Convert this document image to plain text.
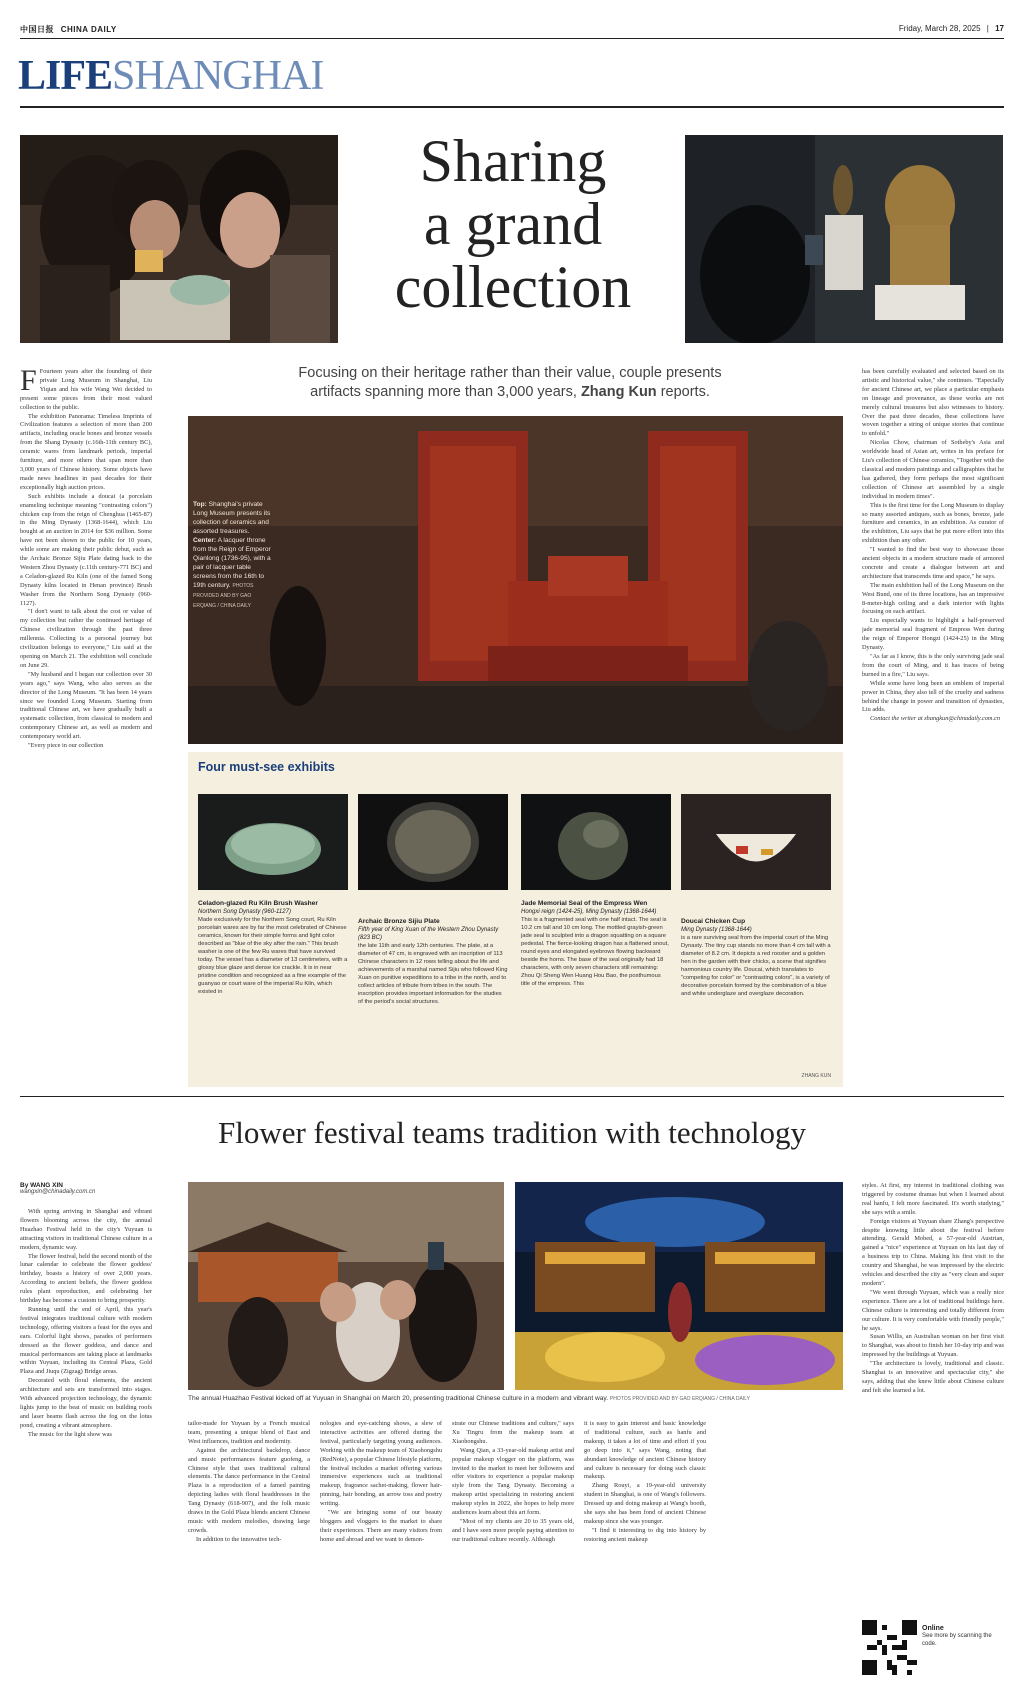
中国日报 CHINA DAILY	Friday, March 28, 2025 | 17
LIFESHANGHAI
Sharing
a grand
collection

F Fourteen years after the founding of their private Long Museum in Shanghai, Liu Yiqian and his wife Wang Wei decided to present some pieces from their most valued collection to the public.

The exhibition Panorama: Timeless Imprints of Civilization features a selection of more than 200 artifacts, including oracle bones and bronze vessels from the Shang Dynasty (c.16th-11th century BC), ceramic wares from landmark periods, imperial furniture, and more others that span more than 3,000 years of Chinese history. Some objects have made news headlines in past decades for their exceptionally high auction prices.

Such exhibits include a doucai (a porcelain enameling technique meaning "contrasting colors") chicken cup from the reign of Chenghua (1465-87) in the Ming Dynasty (1368-1644), which Liu bought at an auction in 2014 for $36 million. Some have not been shown to the public for 10 years, while some are making their public debut, such as the Archaic Bronze Sijiu Plate dating back to the Western Zhou Dynasty (c.11th century-771 BC) and a Celadon-glazed Ru Kiln (one of the famed Song Dynasty kilns located in Henan province) Brush Washer from the Northern Song Dynasty (960-1127).

"I don't want to talk about the cost or value of my collection but rather the continued heritage of Chinese civilization through the past three millennia. Collecting is a personal journey but civilization belongs to everyone," Liu said at the opening on March 21. The exhibition will conclude on June 29.

"My husband and I began our collection over 30 years ago," says Wang, who also serves as the director of the Long Museum. "It has been 14 years since we founded Long Museum. Starting from traditional Chinese art, we have gradually built a systematic collection, from classical to modern and contemporary Chinese art, as well as modern and contemporary world art.

"Every piece in our collection

Focusing on their heritage rather than their value, couple presents
artifacts spanning more than 3,000 years, Zhang Kun reports.
Top: Shanghai's private Long Museum presents its collection of ceramics and assorted treasures. Center: A lacquer throne from the Reign of Emperor Qianlong (1736-95), with a pair of lacquer table screens from the 16th to 19th century. PHOTOS PROVIDED AND BY GAO ERQIANG / CHINA DAILY

has been carefully evaluated and selected based on its artistic and historical value," she continues. "Especially for ancient Chinese art, we place a particular emphasis on lineage and provenance, as these works are not merely cultural treasures but also witnesses to history. Over the past three decades, these collections have woven together a string of unique stories that continue to unfold."

Nicolas Chow, chairman of Sotheby's Asia and worldwide head of Asian art, writes in his preface for Liu's collection of Chinese ceramics, "Together with the classical and modern paintings and calligraphies that he has gathered, they form perhaps the most significant collection of Chinese art assembled by a single individual in modern times".

This is the first time for the Long Museum to display so many assorted antiques, such as bones, bronze, jade furniture and ceramics, in an exhibition. As curator of the exhibition, Liu says that he put more effort into this exhibition than any other.

"I wanted to find the best way to showcase those ancient objects in a modern structure made of armored concrete and create a dialogue between art and architecture that transcends time and space," he says.

The main exhibition hall of the Long Museum on the West Bund, one of its three locations, has an impressive 8-meter-high ceiling and a dark interior with lights focusing on each artifact.

Liu especially wants to highlight a half-preserved jade memorial seal fragment of Empress Wen during the reign of Emperor Hongzi (1424-25) in the Ming Dynasty.

"As far as I know, this is the only surviving jade seal from the court of Ming, and it has traces of being burned in a fire," Liu says.

While some have long been an emblem of imperial power in China, they also tell of the cruelty and sadness behind the change in power and transition of dynasties, Liu adds.

Contact the writer at zhangkun@chinadaily.com.cn

Four must-see exhibits
Celadon-glazed Ru Kiln Brush Washer
Northern Song Dynasty (960-1127)
Made exclusively for the Northern Song court, Ru Kiln porcelain wares are by far the most celebrated of Chinese ceramics, known for their simple forms and light color described as "blue of the sky after the rain." This brush washer is one of the few Ru wares that have survived today. The vessel has a diameter of 13 centimeters, with a glossy blue glaze and dense ice crackle. It is in near pristine condition and recognized as a fine example of the guanyao or court ware of the imperial Ru Kiln, which existed in
Archaic Bronze Sijiu Plate
Fifth year of King Xuan of the Western Zhou Dynasty (823 BC)
the late 11th and early 12th centuries. The plate, at a diameter of 47 cm, is engraved with an inscription of 113 Chinese characters in 12 rows telling about the life and achievements of a marshal named Sijiu who followed King Xuan on punitive expeditions to a tribe in the north, and to collect articles of tribute from tribes in the south. The inscription provides important information for the studies of the period's social structures.
Jade Memorial Seal of the Empress Wen
Hongxi reign (1424-25), Ming Dynasty (1368-1644)
This is a fragmented seal with one half intact. The seal is 10.2 cm tall and 10 cm long. The mottled grayish-green jade seal is sculpted into a dragon squatting on a square pedestal. The fierce-looking dragon has a flattened snout, round eyes and elongated eyebrows flowing backward beside the horns. The base of the seal originally had 18 characters, with only seven characters still remaining: Zhou Qi Sheng Wen Huang Hou Bao, the posthumous title of the empress. This
Doucai Chicken Cup
Ming Dynasty (1368-1644)
is a rare surviving seal from the imperial court of the Ming Dynasty. The tiny cup stands no more than 4 cm tall with a diameter of 8.2 cm. It depicts a red rooster and a golden hen in the garden with their chicks, a scene that signifies harmonious country life. Doucai, which translates to "competing for color" or "contrasting colors", is a variety of decorative porcelain formed by the combination of a blue and white underglaze and overglaze decoration.
ZHANG KUN
Flower festival teams tradition with technology
By WANG XIN
wangxin@chinadaily.com.cn

With spring arriving in Shanghai and vibrant flowers blooming across the city, the annual Huazhao Festival held in the city's Yuyuan is attracting visitors in traditional Chinese culture in a modern, dynamic way.

The flower festival, held the second month of the lunar calendar to celebrate the flower goddess' birthday, boasts a history of over 2,000 years. According to ancient beliefs, the flower goddess rules plant reproduction, and celebrating her birthday has become a custom to bring prosperity.

Running until the end of April, this year's festival integrates traditional culture with modern technology, offering visitors a feast for the eyes and ears. Colorful light shows, parades of performers dressed as the flower goddess, and dance and musical performances are taking place at landmarks within Yuyuan, including its Central Plaza, Gold Plaza and Jiuqu (Zigzag) Bridge areas.

Decorated with floral elements, the ancient architecture and sets are transformed into stages. With advanced projection technology, the dynamic lights jump to the beat of music on building roofs and laser beams flash across the fog on the lotus pond, creating a vibrant atmosphere.

The music for the light show was

The annual Huazhao Festival kicked off at Yuyuan in Shanghai on March 20, presenting traditional Chinese culture in a modern and vibrant way. PHOTOS PROVIDED AND BY GAO ERQIANG / CHINA DAILY

tailor-made for Yuyuan by a French musical team, presenting a unique blend of East and West influences, tradition and modernity.

Against the architectural backdrop, dance and music performances feature guofeng, a Chinese style that uses traditional cultural elements. The dance performance in the Central Plaza is a reproduction of a famed painting depicting ladies with floral headdresses in the Tang Dynasty (618-907), and the folk music draws in the Gold Plaza blends ancient Chinese music with modern melodies, drawing large crowds.

In addition to the innovative tech-

nologies and eye-catching shows, a slew of interactive activities are offered during the festival, particularly targeting young audiences. Working with the makeup team of Xiaohongshu (RedNote), a popular Chinese lifestyle platform, the festival includes a market offering various immersive experiences such as traditional makeup, fragrance sachet-making, flower hair-pinning, hair bonding, an arrow toss and poetry writing.

"We are bringing some of our beauty bloggers and vloggers to the market to share their experiences. There are many visitors from home and abroad and we want to demon-

strate our Chinese traditions and culture," says Xu Tingru from the makeup team at Xiaohongshu.

Wang Qian, a 33-year-old makeup artist and popular makeup vlogger on the platform, was invited to the market to meet her followers and offer visitors to experience a popular makeup style from the Tang Dynasty. Becoming a makeup artist specializing in restoring ancient makeup styles in 2022, she hopes to help more audiences learn about this art form.

"Most of my clients are 20 to 35 years old, and I have seen more people paying attention to our traditional culture recently. Although

it is easy to gain interest and basic knowledge of traditional culture, such as hanfu and makeup, it takes a lot of time and effort if you go deep into it," says Wang, noting that abundant knowledge of ancient Chinese history and culture is necessary for doing such classic makeup.

Zhang Rouyi, a 19-year-old university student in Shanghai, is one of Wang's followers. Dressed up and doing makeup at Wang's booth, she says she has been fond of ancient Chinese makeup since she was younger.

"I find it interesting to dig into history by restoring ancient makeup

styles. At first, my interest in traditional clothing was triggered by costume dramas but when I learned about real hanfu, I felt more fascinated. It's worth studying," she says with a smile.

Foreign visitors at Yuyuan share Zhang's perspective despite knowing little about the festival before attending. Gerald Mobed, a 57-year-old Austrian, gained a "nice" experience at Yuyuan on his last day of a business trip to China. Making his first visit to the country and Shanghai, he was impressed by the electric vehicles and described the city as "very clean and super modern".

"We went through Yuyuan, which was a really nice experience. There are a lot of traditional buildings here. Chinese culture is interesting and totally different from our culture. It is very comfortable with friendly people," he says.

Susan Willis, an Australian woman on her first visit to Shanghai, was about to finish her 10-day trip and was impressed by the buildings at Yuyuan.

"The architecture is lovely, traditional and classic. Shanghai is an innovative and spectacular city," she says, adding that she knew little about Chinese culture and felt she learned a lot.

Online
See more by scanning the code.
